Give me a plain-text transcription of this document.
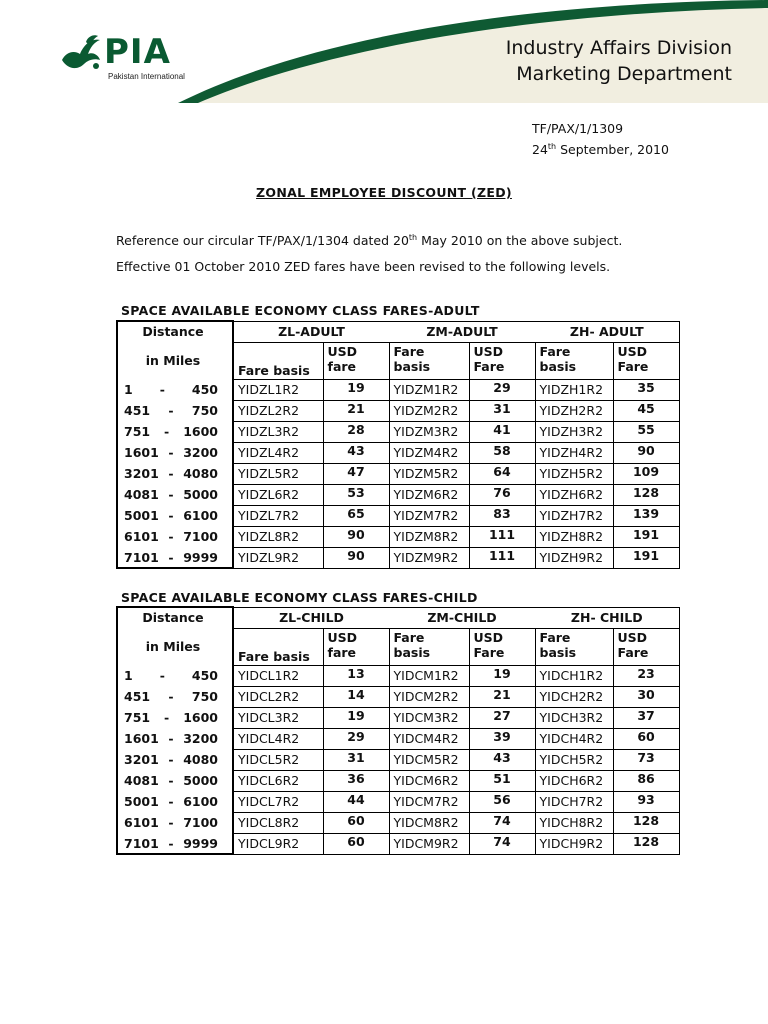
PIA
Pakistan International
Industry Affairs Division
Marketing Department
TF/PAX/1/1309
24th September, 2010
ZONAL EMPLOYEE DISCOUNT (ZED)
Reference our circular TF/PAX/1/1304 dated 20th May 2010 on the above subject.
Effective 01 October 2010 ZED fares have been revised to the following levels.
SPACE AVAILABLE ECONOMY CLASS FARES-ADULT
Distance
in Miles	ZL-ADULT		ZM-ADULT		ZH- ADULT	
	Fare basis	USD fare	Fare basis	USD Fare	Fare basis	USD Fare

1 - 450	YIDZL1R2	19	YIDZM1R2	29	YIDZH1R2	35

451 - 750	YIDZL2R2	21	YIDZM2R2	31	YIDZH2R2	45

751 - 1600	YIDZL3R2	28	YIDZM3R2	41	YIDZH3R2	55

1601 - 3200	YIDZL4R2	43	YIDZM4R2	58	YIDZH4R2	90

3201 - 4080	YIDZL5R2	47	YIDZM5R2	64	YIDZH5R2	109

4081 - 5000	YIDZL6R2	53	YIDZM6R2	76	YIDZH6R2	128

5001 - 6100	YIDZL7R2	65	YIDZM7R2	83	YIDZH7R2	139

6101 - 7100	YIDZL8R2	90	YIDZM8R2	111	YIDZH8R2	191

7101 - 9999	YIDZL9R2	90	YIDZM9R2	111	YIDZH9R2	191
SPACE AVAILABLE ECONOMY CLASS FARES-CHILD
Distance
in Miles	ZL-CHILD		ZM-CHILD		ZH- CHILD	
	Fare basis	USD fare	Fare basis	USD Fare	Fare basis	USD Fare

1 - 450	YIDCL1R2	13	YIDCM1R2	19	YIDCH1R2	23

451 - 750	YIDCL2R2	14	YIDCM2R2	21	YIDCH2R2	30

751 - 1600	YIDCL3R2	19	YIDCM3R2	27	YIDCH3R2	37

1601 - 3200	YIDCL4R2	29	YIDCM4R2	39	YIDCH4R2	60

3201 - 4080	YIDCL5R2	31	YIDCM5R2	43	YIDCH5R2	73

4081 - 5000	YIDCL6R2	36	YIDCM6R2	51	YIDCH6R2	86

5001 - 6100	YIDCL7R2	44	YIDCM7R2	56	YIDCH7R2	93

6101 - 7100	YIDCL8R2	60	YIDCM8R2	74	YIDCH8R2	128

7101 - 9999	YIDCL9R2	60	YIDCM9R2	74	YIDCH9R2	128
